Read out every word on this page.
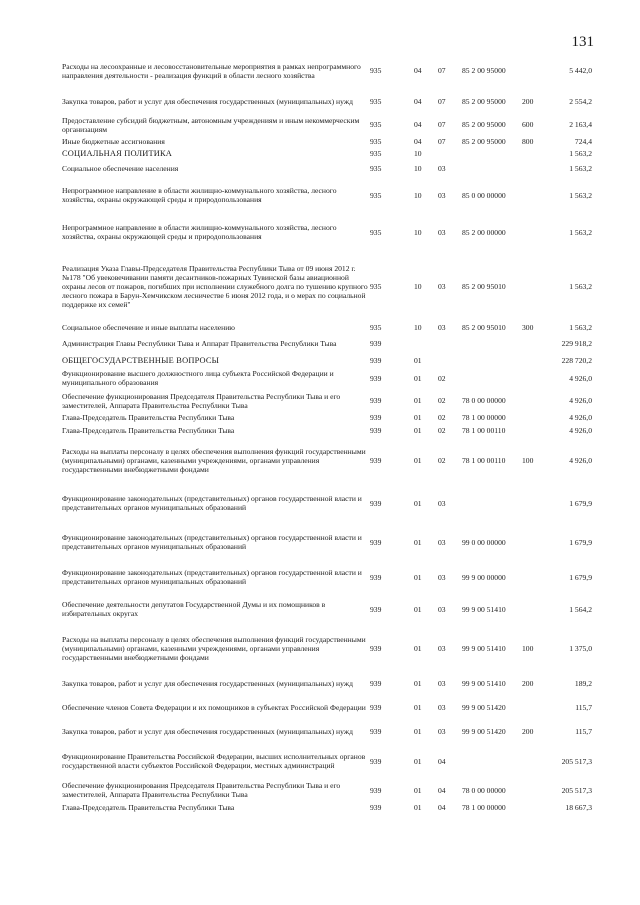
131
Расходы на лесоохранные и лесовосстановительные мероприятия в рамках непрограммного направления деятельности - реализация функций в области лесного хозяйства	935	04	07	85 2 00 95000		5 442,0
Закупка товаров, работ и услуг для обеспечения государственных (муниципальных) нужд	935	04	07	85 2 00 95000	200	2 554,2
Предоставление субсидий бюджетным, автономным учреждениям и иным некоммерческим организациям	935	04	07	85 2 00 95000	600	2 163,4
Иные бюджетные ассигнования	935	04	07	85 2 00 95000	800	724,4
СОЦИАЛЬНАЯ ПОЛИТИКА	935	10				1 563,2
Социальное обеспечение населения	935	10	03			1 563,2
Непрограммное направление в области жилищно-коммунального хозяйства, лесного хозяйства, охраны окружающей среды и природопользования	935	10	03	85 0 00 00000		1 563,2
Непрограммное направление в области жилищно-коммунального хозяйства, лесного хозяйства, охраны окружающей среды и природопользования	935	10	03	85 2 00 00000		1 563,2
Реализация Указа Главы-Председателя Правительства Республики Тыва от 09 июня 2012 г. №178 "Об увековечивании памяти десантников-пожарных Тувинской базы авиационной охраны лесов от пожаров, погибших при исполнении служебного долга по тушению крупного лесного пожара в Барун-Хемчикском лесничестве 6 июня 2012 года, и о мерах по социальной поддержке их семей"	935	10	03	85 2 00 95010		1 563,2
Социальное обеспечение и иные выплаты населению	935	10	03	85 2 00 95010	300	1 563,2
Администрация Главы Республики Тыва и Аппарат Правительства Республики Тыва	939					229 918,2
ОБЩЕГОСУДАРСТВЕННЫЕ ВОПРОСЫ	939	01				228 720,2
Функционирование высшего должностного лица субъекта Российской Федерации и муниципального образования	939	01	02			4 926,0
Обеспечение функционирования Председателя Правительства Республики Тыва и его заместителей, Аппарата Правительства Республики Тыва	939	01	02	78 0 00 00000		4 926,0
Глава-Председатель Правительства Республики Тыва	939	01	02	78 1 00 00000		4 926,0
Глава-Председатель Правительства Республики Тыва	939	01	02	78 1 00 00110		4 926,0
Расходы на выплаты персоналу в целях обеспечения выполнения функций государственными (муниципальными) органами, казенными учреждениями, органами управления государственными внебюджетными фондами	939	01	02	78 1 00 00110	100	4 926,0
Функционирование законодательных (представительных) органов государственной власти и представительных органов муниципальных образований	939	01	03			1 679,9
Функционирование законодательных (представительных) органов государственной власти и представительных органов муниципальных образований	939	01	03	99 0 00 00000		1 679,9
Функционирование законодательных (представительных) органов государственной власти и представительных органов муниципальных образований	939	01	03	99 9 00 00000		1 679,9
Обеспечение деятельности депутатов Государственной Думы и их помощников в избирательных округах	939	01	03	99 9 00 51410		1 564,2
Расходы на выплаты персоналу в целях обеспечения выполнения функций государственными (муниципальными) органами, казенными учреждениями, органами управления государственными внебюджетными фондами	939	01	03	99 9 00 51410	100	1 375,0
Закупка товаров, работ и услуг для обеспечения государственных (муниципальных) нужд	939	01	03	99 9 00 51410	200	189,2
Обеспечение членов Совета Федерации и их помощников в субъектах Российской Федерации	939	01	03	99 9 00 51420		115,7
Закупка товаров, работ и услуг для обеспечения государственных (муниципальных) нужд	939	01	03	99 9 00 51420	200	115,7
Функционирование Правительства Российской Федерации, высших исполнительных органов государственной власти субъектов Российской Федерации, местных администраций	939	01	04			205 517,3
Обеспечение функционирования Председателя Правительства Республики Тыва и его заместителей, Аппарата Правительства Республики Тыва	939	01	04	78 0 00 00000		205 517,3
Глава-Председатель Правительства Республики Тыва	939	01	04	78 1 00 00000		18 667,3
